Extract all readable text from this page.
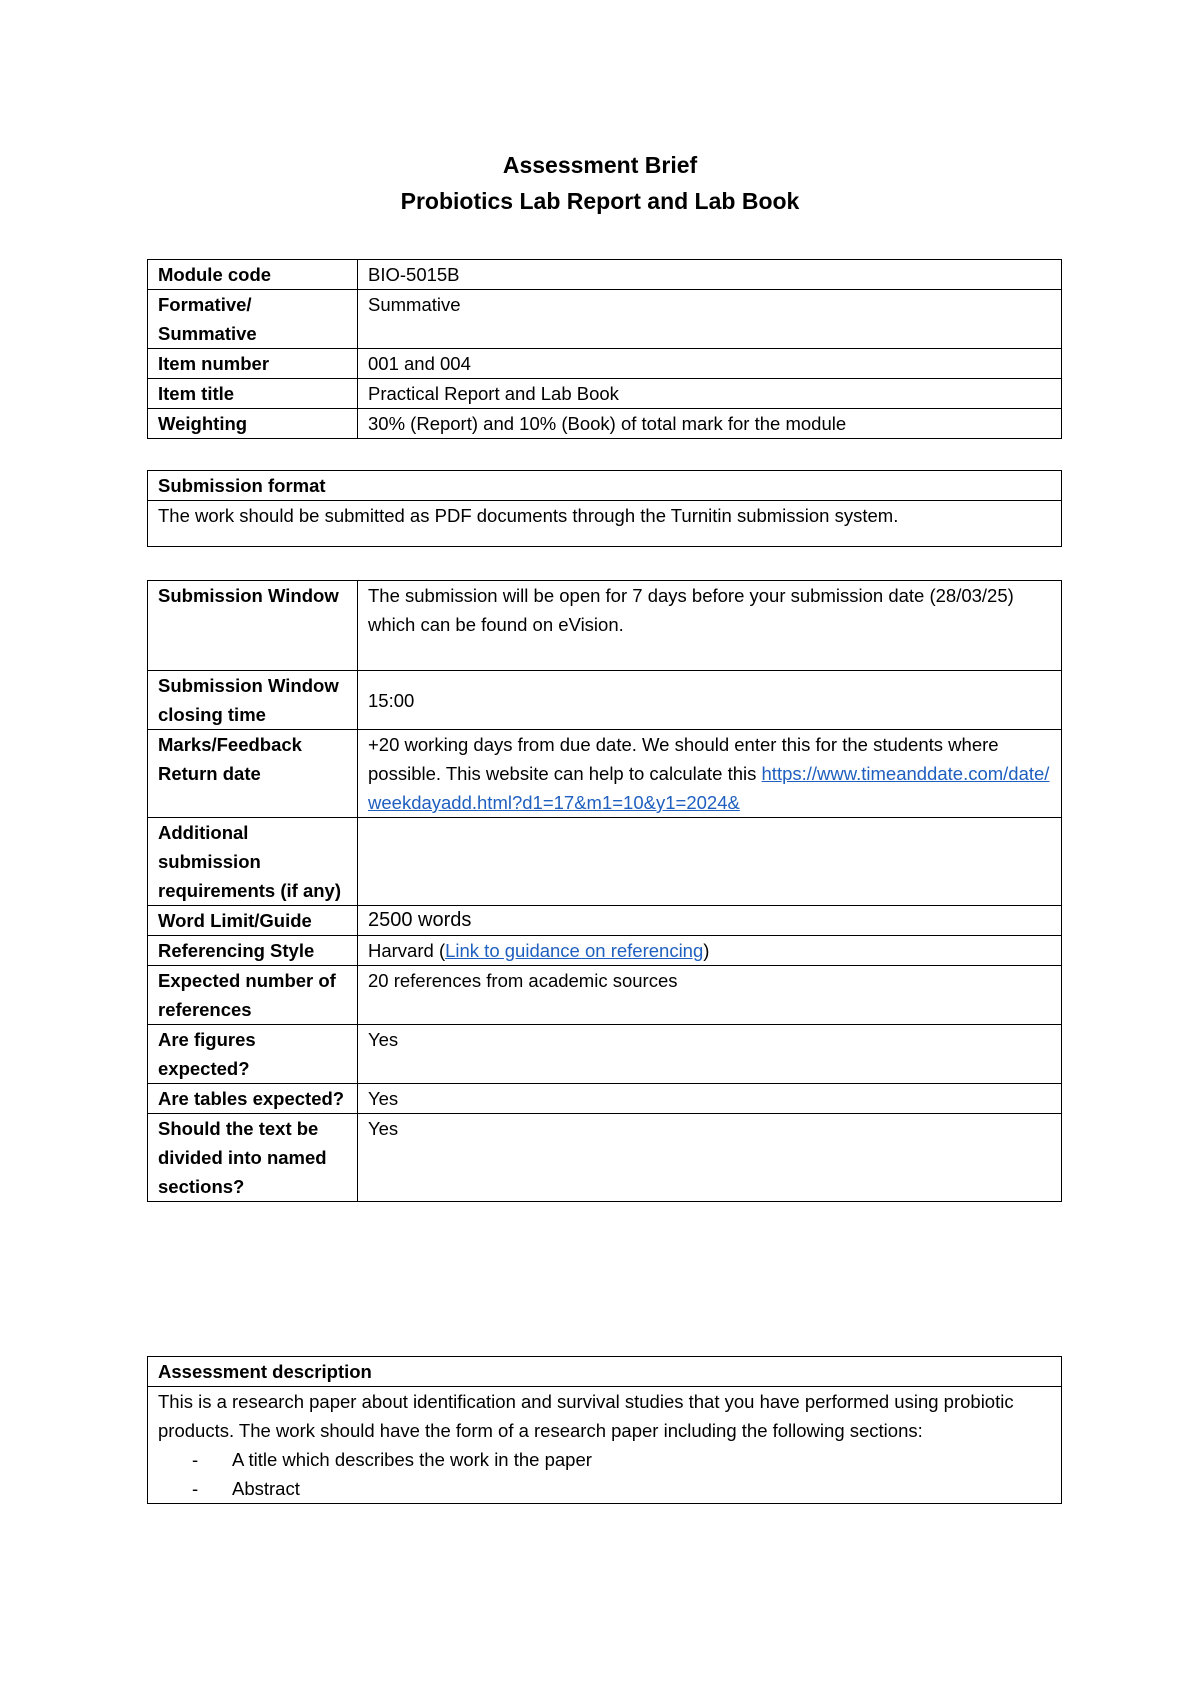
Assessment Brief
Probiotics Lab Report and Lab Book
Module code	BIO-5015B
Formative/ Summative	Summative
Item number	001 and 004
Item title	Practical Report and Lab Book
Weighting	30% (Report) and 10% (Book) of total mark for the module
Submission format
The work should be submitted as PDF documents through the Turnitin submission system.
Submission Window	The submission will be open for 7 days before your submission date (28/03/25) which can be found on eVision.
Submission Window closing time	15:00
Marks/Feedback Return date	+20 working days from due date. We should enter this for the students where possible. This website can help to calculate this https://www.timeanddate.com/date/weekdayadd.html?d1=17&m1=10&y1=2024&
Additional submission requirements (if any)	
Word Limit/Guide	2500 words
Referencing Style	Harvard (Link to guidance on referencing)
Expected number of references	20 references from academic sources
Are figures expected?	Yes
Are tables expected?	Yes
Should the text be divided into named sections?	Yes
Assessment description

This is a research paper about identification and survival studies that you have performed using probiotic products. The work should have the form of a research paper including the following sections:
- A title which describes the work in the paper
- Abstract
